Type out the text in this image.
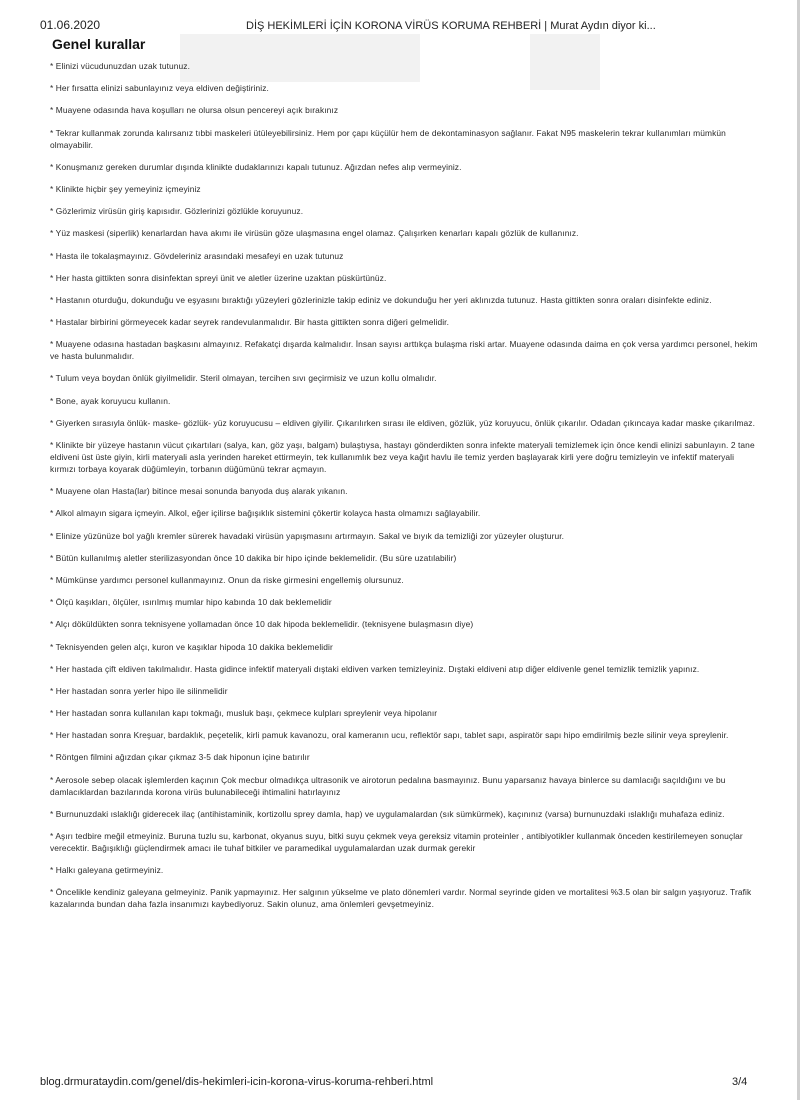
01.06.2020	DİŞ HEKİMLERİ İÇİN KORONA VİRÜS KORUMA REHBERİ | Murat Aydın diyor ki...
Genel kurallar

* Elinizi vücudunuzdan uzak tutunuz.

* Her fırsatta elinizi sabunlayınız veya eldiven değiştiriniz.

* Muayene odasında hava koşulları ne olursa olsun pencereyi açık bırakınız

* Tekrar kullanmak zorunda kalırsanız tıbbi maskeleri ütüleyebilirsiniz. Hem por çapı küçülür hem de dekontaminasyon sağlanır. Fakat N95 maskelerin tekrar kullanımları mümkün olmayabilir.

* Konuşmanız gereken durumlar dışında klinikte dudaklarınızı kapalı tutunuz. Ağızdan nefes alıp vermeyiniz.

* Klinikte hiçbir şey yemeyiniz içmeyiniz

* Gözlerimiz virüsün giriş kapısıdır. Gözlerinizi gözlükle koruyunuz.

* Yüz maskesi (siperlik) kenarlardan hava akımı ile virüsün göze ulaşmasına engel olamaz. Çalışırken kenarları kapalı gözlük de kullanınız.

* Hasta ile tokalaşmayınız. Gövdeleriniz arasındaki mesafeyi en uzak tutunuz

* Her hasta gittikten sonra disinfektan spreyi ünit ve aletler üzerine uzaktan püskürtünüz.

* Hastanın oturduğu, dokunduğu ve eşyasını bıraktığı yüzeyleri gözlerinizle takip ediniz ve dokunduğu her yeri aklınızda tutunuz. Hasta gittikten sonra oraları disinfekte ediniz.

* Hastalar birbirini görmeyecek kadar seyrek randevulanmalıdır. Bir hasta gittikten sonra diğeri gelmelidir.

* Muayene odasına hastadan başkasını almayınız. Refakatçi dışarda kalmalıdır. İnsan sayısı arttıkça bulaşma riski artar. Muayene odasında daima en çok versa yardımcı personel, hekim ve hasta bulunmalıdır.

* Tulum veya boydan önlük giyilmelidir. Steril olmayan, tercihen sıvı geçirmisiz ve uzun kollu olmalıdır.

* Bone, ayak koruyucu kullanın.

* Giyerken sırasıyla önlük- maske- gözlük- yüz koruyucusu – eldiven giyilir. Çıkarılırken sırası ile eldiven, gözlük, yüz koruyucu, önlük çıkarılır. Odadan çıkıncaya kadar maske çıkarılmaz.

* Klinikte bir yüzeye hastanın vücut çıkartıları (salya, kan, göz yaşı, balgam) bulaştıysa, hastayı gönderdikten sonra infekte materyali temizlemek için önce kendi elinizi sabunlayın. 2 tane eldiveni üst üste giyin, kirli materyali asla yerinden hareket ettirmeyin, tek kullanımlık bez veya kağıt havlu ile temiz yerden başlayarak kirli yere doğru temizleyin ve infektif materyali kırmızı torbaya koyarak düğümleyin, torbanın düğümünü tekrar açmayın.

* Muayene olan Hasta(lar) bitince mesai sonunda banyoda duş alarak yıkanın.

* Alkol almayın sigara içmeyin. Alkol, eğer içilirse bağışıklık sistemini çökertir kolayca hasta olmamızı sağlayabilir.

* Elinize yüzünüze bol yağlı kremler sürerek havadaki virüsün yapışmasını artırmayın. Sakal ve bıyık da temizliği zor yüzeyler oluşturur.

* Bütün kullanılmış aletler sterilizasyondan önce 10 dakika bir hipo içinde beklemelidir. (Bu süre uzatılabilir)

* Mümkünse yardımcı personel kullanmayınız. Onun da riske girmesini engellemiş olursunuz.

* Ölçü kaşıkları, ölçüler, ısırılmış mumlar hipo kabında 10 dak beklemelidir

* Alçı döküldükten sonra teknisyene yollamadan önce 10 dak hipoda beklemelidir. (teknisyene bulaşmasın diye)

* Teknisyenden gelen alçı, kuron ve kaşıklar hipoda 10 dakika beklemelidir

* Her hastada çift eldiven takılmalıdır. Hasta gidince infektif materyali dıştaki eldiven varken temizleyiniz. Dıştaki eldiveni atıp diğer eldivenle genel temizlik temizlik yapınız.

* Her hastadan sonra yerler hipo ile silinmelidir

* Her hastadan sonra kullanılan kapı tokmağı, musluk başı, çekmece kulpları spreylenir veya hipolanır

* Her hastadan sonra Kreşuar, bardaklık, peçetelik, kirli pamuk kavanozu, oral kameranın ucu, reflektör sapı, tablet sapı, aspiratör sapı hipo emdirilmiş bezle silinir veya spreylenir.

* Röntgen filmini ağızdan çıkar çıkmaz 3-5 dak hiponun içine batırılır

* Aerosole sebep olacak işlemlerden kaçının Çok mecbur olmadıkça ultrasonik ve airotorun pedalına basmayınız. Bunu yaparsanız havaya binlerce su damlacığı saçıldığını ve bu damlacıklardan bazılarında korona virüs bulunabileceği ihtimalini hatırlayınız

* Burnunuzdaki ıslaklığı giderecek ilaç (antihistaminik, kortizollu sprey damla, hap) ve uygulamalardan (sık sümkürmek), kaçınınız (varsa) burnunuzdaki ıslaklığı muhafaza ediniz.

* Aşırı tedbire meğil etmeyiniz. Buruna tuzlu su, karbonat, okyanus suyu, bitki suyu çekmek veya gereksiz vitamin proteinler , antibiyotikler kullanmak önceden kestirilemeyen sonuçlar verecektir. Bağışıklığı güçlendirmek amacı ile tuhaf bitkiler ve paramedikal uygulamalardan uzak durmak gerekir

* Halkı galeyana getirmeyiniz.

* Öncelikle kendiniz galeyana gelmeyiniz. Panik yapmayınız. Her salgının yükselme ve plato dönemleri vardır. Normal seyrinde giden ve mortalitesi %3.5 olan bir salgın yaşıyoruz. Trafik kazalarında bundan daha fazla insanımızı kaybediyoruz. Sakin olunuz, ama önlemleri gevşetmeyiniz.

blog.drmurataydin.com/genel/dis-hekimleri-icin-korona-virus-koruma-rehberi.html	3/4
